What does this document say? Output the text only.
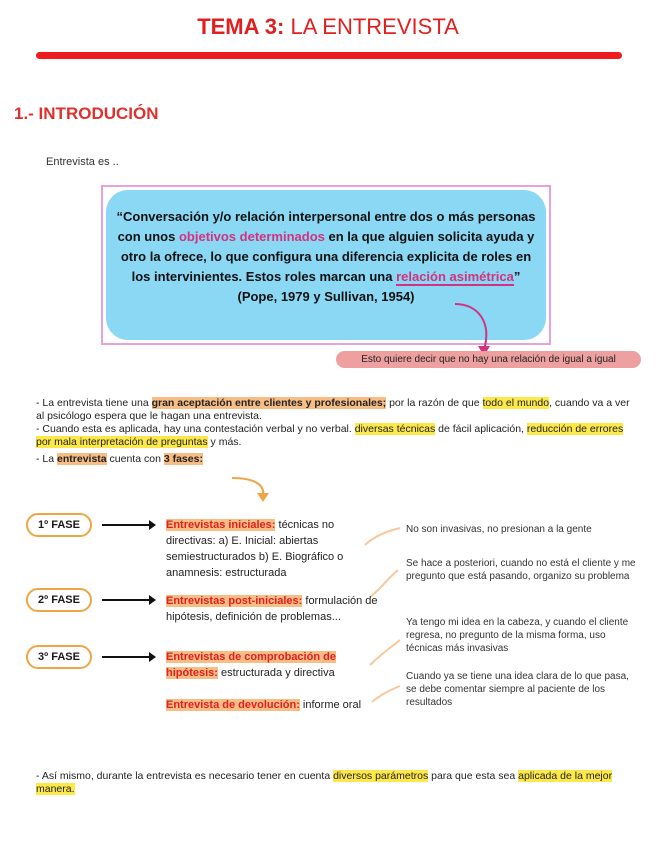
TEMA 3: LA ENTREVISTA
1.- INTRODUCIÓN
Entrevista es ..
“Conversación y/o relación interpersonal entre dos o más personas con unos objetivos determinados en la que alguien solicita ayuda y otro la ofrece, lo que configura una diferencia explicita de roles en los intervinientes. Estos roles marcan una relación asimétrica”
(Pope, 1979 y Sullivan, 1954)
Esto quiere decir que no hay una relación de igual a igual
- La entrevista tiene una gran aceptación entre clientes y profesionales; por la razón de que todo el mundo, cuando va a ver al psicólogo espera que le hagan una entrevista.
- Cuando esta es aplicada, hay una contestación verbal y no verbal. diversas técnicas de fácil aplicación, reducción de errores por mala interpretación de preguntas y más.
- La entrevista cuenta con 3 fases:
1º FASE	Entrevistas iniciales: técnicas no directivas: a) E. Inicial: abiertas semiestructurados b) E. Biográfico o anamnesis: estructurada
2º FASE	Entrevistas post-iniciales: formulación de hipótesis, definición de problemas...
3º FASE	Entrevistas de comprobación de hipótesis: estructurada y directiva
Entrevista de devolución: informe oral
No son invasivas, no presionan a la gente
Se hace a posteriori, cuando no está el cliente y me pregunto que está pasando, organizo su problema
Ya tengo mi idea en la cabeza, y cuando el cliente regresa, no pregunto de la misma forma, uso técnicas más invasivas
Cuando ya se tiene una idea clara de lo que pasa, se debe comentar siempre al paciente de los resultados
- Así mismo, durante la entrevista es necesario tener en cuenta diversos parámetros para que esta sea aplicada de la mejor manera.
